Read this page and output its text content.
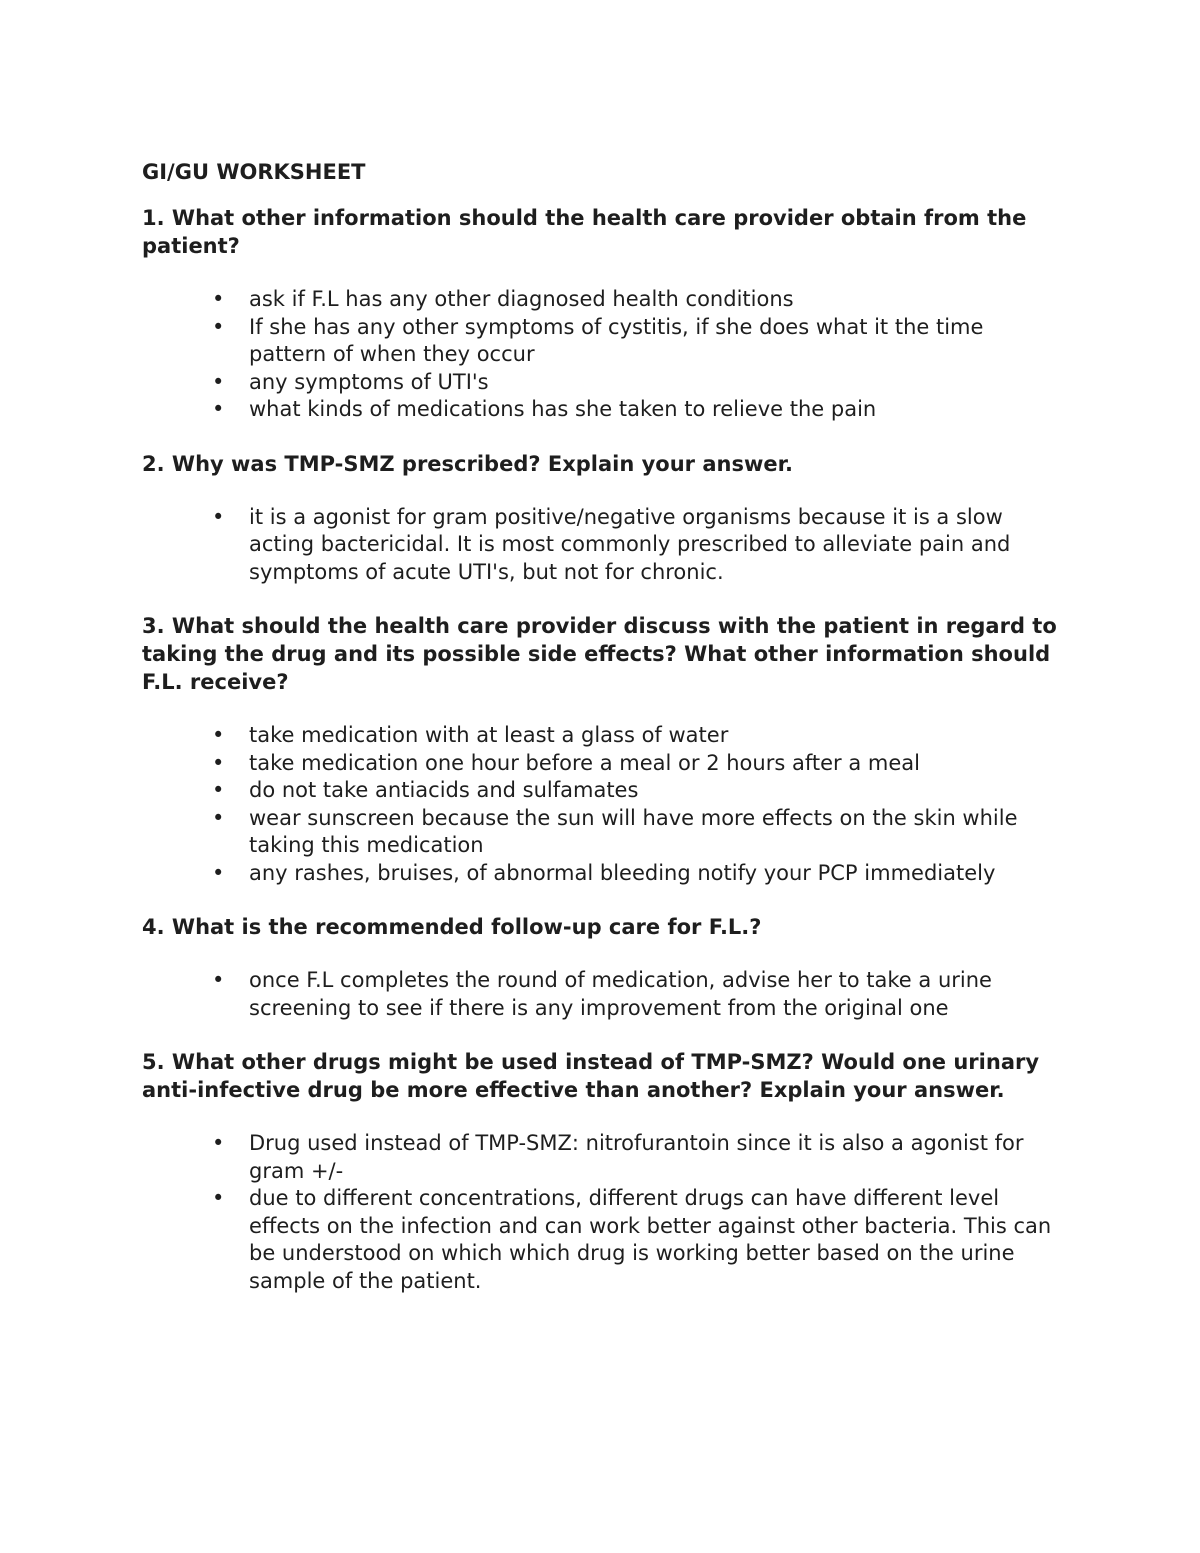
GI/GU WORKSHEET
1. What other information should the health care provider obtain from the patient?
• ask if F.L has any other diagnosed health conditions
• If she has any other symptoms of cystitis, if she does what it the time pattern of when they occur
• any symptoms of UTI's
• what kinds of medications has she taken to relieve the pain
2. Why was TMP-SMZ prescribed? Explain your answer.
• it is a agonist for gram positive/negative organisms because it is a slow acting bactericidal. It is most commonly prescribed to alleviate pain and symptoms of acute UTI's, but not for chronic.
3. What should the health care provider discuss with the patient in regard to taking the drug and its possible side effects? What other information should F.L. receive?
• take medication with at least a glass of water
• take medication one hour before a meal or 2 hours after a meal
• do not take antiacids and sulfamates
• wear sunscreen because the sun will have more effects on the skin while taking this medication
• any rashes, bruises, of abnormal bleeding notify your PCP immediately
4. What is the recommended follow-up care for F.L.?
• once F.L completes the round of medication, advise her to take a urine screening to see if there is any improvement from the original one
5. What other drugs might be used instead of TMP-SMZ? Would one urinary anti-infective drug be more effective than another? Explain your answer.
• Drug used instead of TMP-SMZ: nitrofurantoin since it is also a agonist for gram +/-
• due to different concentrations, different drugs can have different level effects on the infection and can work better against other bacteria. This can be understood on which which drug is working better based on the urine sample of the patient.
